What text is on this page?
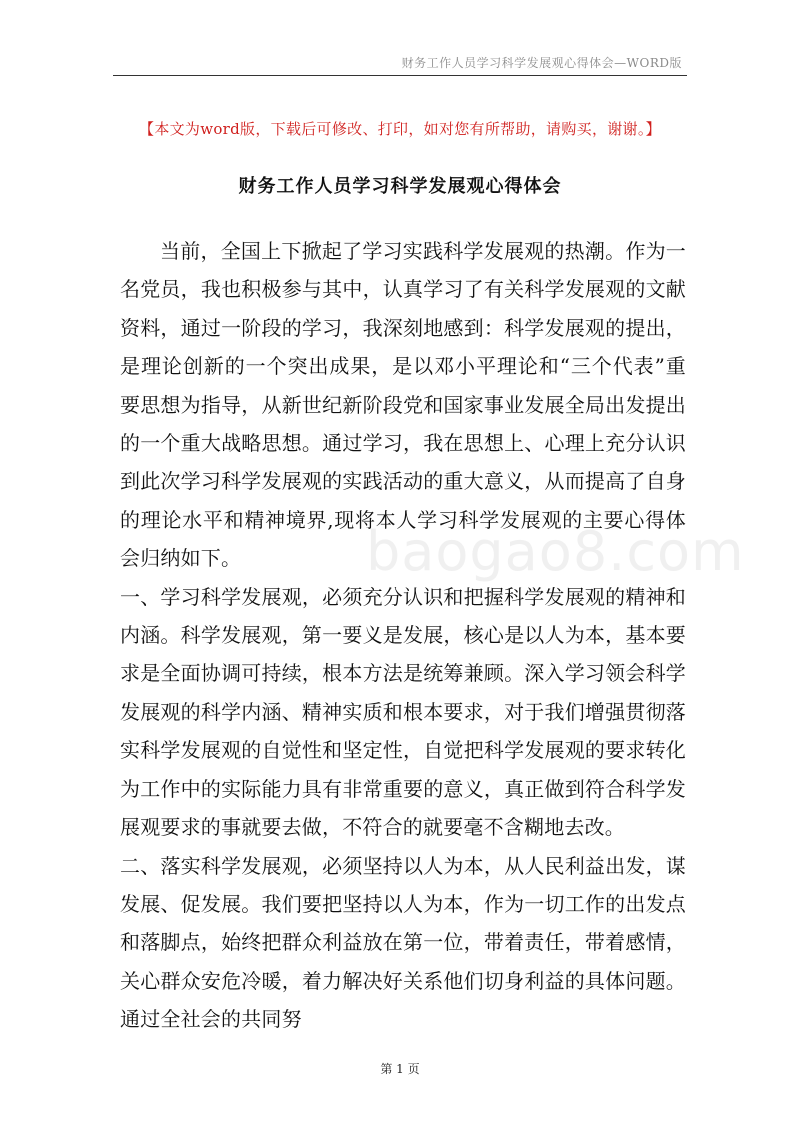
财务工作人员学习科学发展观心得体会—WORD版
【本文为word版，下载后可修改、打印，如对您有所帮助，请购买，谢谢。】
财务工作人员学习科学发展观心得体会

当前，全国上下掀起了学习实践科学发展观的热潮。作为一名党员，我也积极参与其中，认真学习了有关科学发展观的文献资料，通过一阶段的学习，我深刻地感到：科学发展观的提出，是理论创新的一个突出成果，是以邓小平理论和“三个代表”重要思想为指导，从新世纪新阶段党和国家事业发展全局出发提出的一个重大战略思想。通过学习，我在思想上、心理上充分认识到此次学习科学发展观的实践活动的重大意义，从而提高了自身的理论水平和精神境界,现将本人学习科学发展观的主要心得体会归纳如下。

一、学习科学发展观，必须充分认识和把握科学发展观的精神和内涵。科学发展观，第一要义是发展，核心是以人为本，基本要求是全面协调可持续，根本方法是统筹兼顾。深入学习领会科学发展观的科学内涵、精神实质和根本要求，对于我们增强贯彻落实科学发展观的自觉性和坚定性，自觉把科学发展观的要求转化为工作中的实际能力具有非常重要的意义，真正做到符合科学发展观要求的事就要去做，不符合的就要毫不含糊地去改。

二、落实科学发展观，必须坚持以人为本，从人民利益出发，谋发展、促发展。我们要把坚持以人为本，作为一切工作的出发点和落脚点，始终把群众利益放在第一位，带着责任，带着感情，关心群众安危冷暖，着力解决好关系他们切身利益的具体问题。通过全社会的共同努

baogao8.com
第 1 页
